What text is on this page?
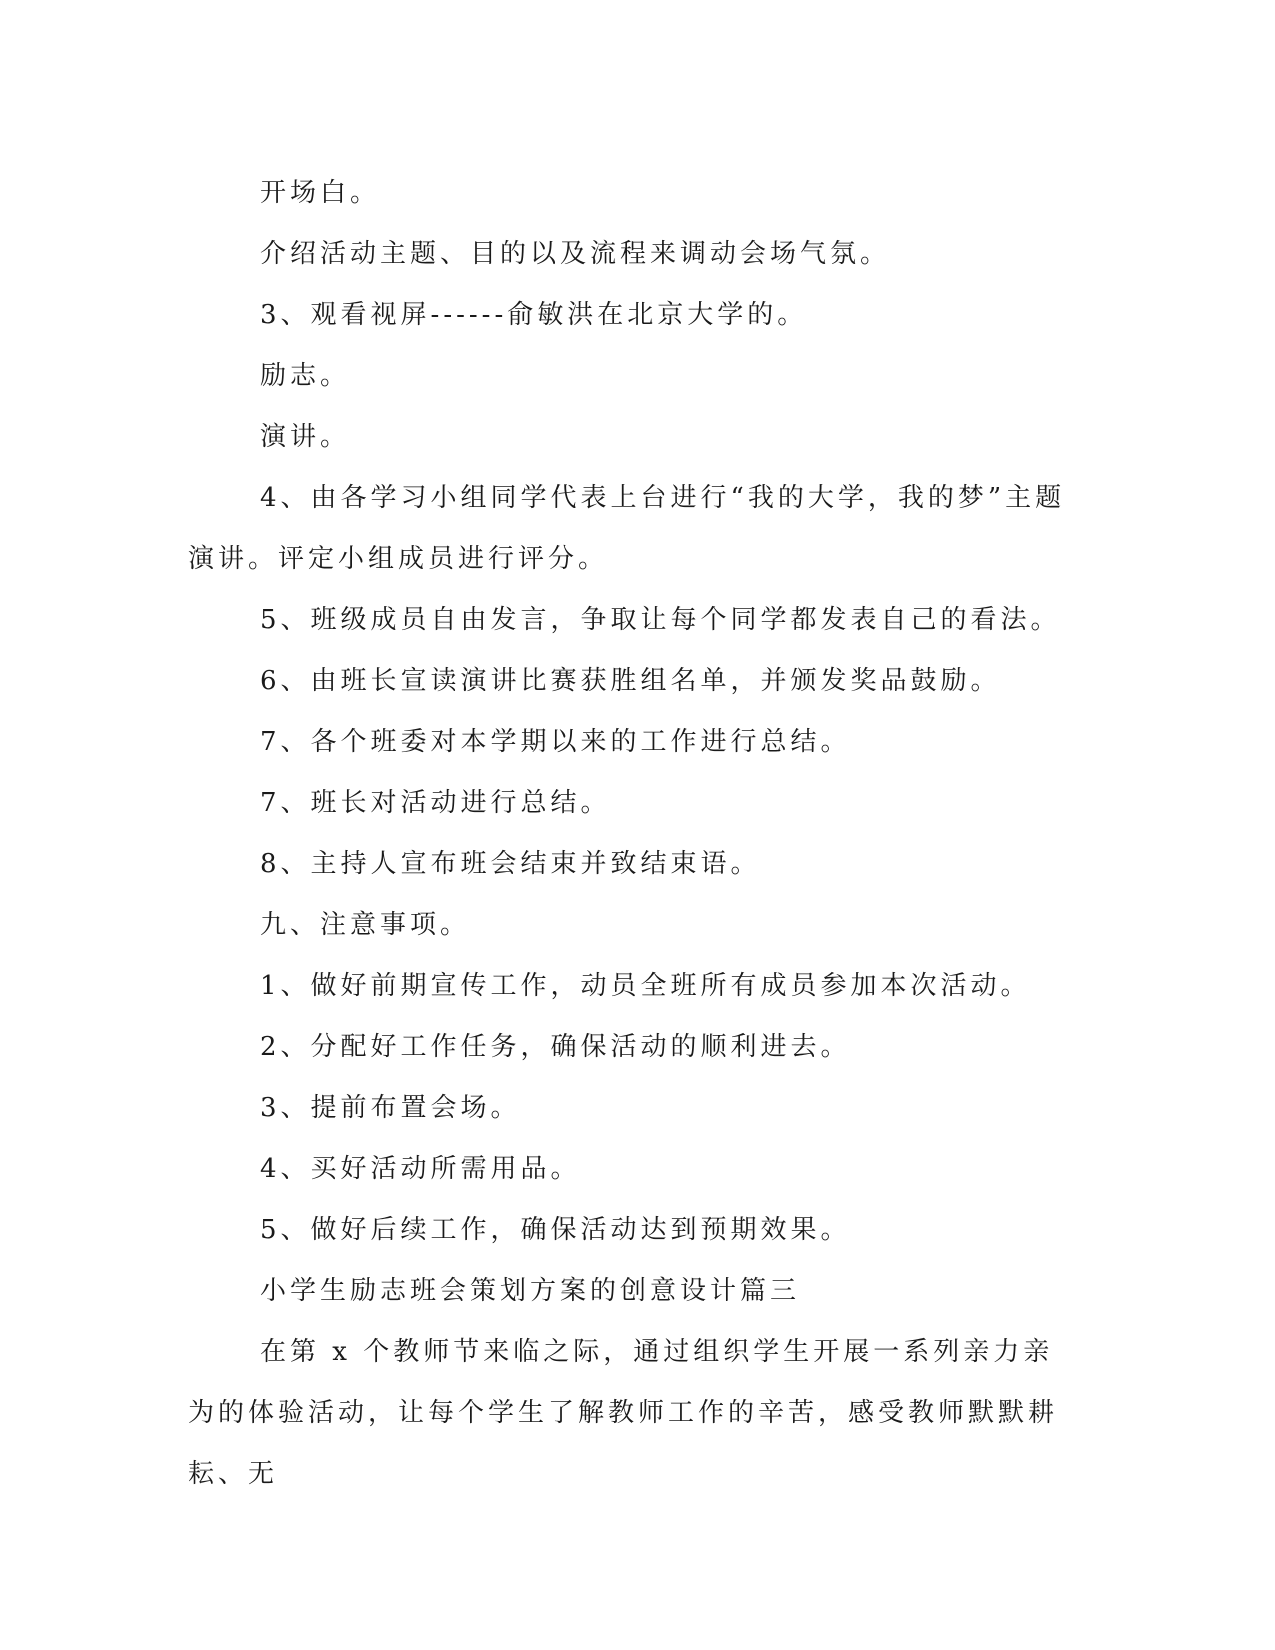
开场白。

介绍活动主题、目的以及流程来调动会场气氛。

3、观看视屏------俞敏洪在北京大学的。

励志。

演讲。

4、由各学习小组同学代表上台进行“我的大学，我的梦”主题演讲。评定小组成员进行评分。

5、班级成员自由发言，争取让每个同学都发表自己的看法。

6、由班长宣读演讲比赛获胜组名单，并颁发奖品鼓励。

7、各个班委对本学期以来的工作进行总结。

7、班长对活动进行总结。

8、主持人宣布班会结束并致结束语。

九、注意事项。

1、做好前期宣传工作，动员全班所有成员参加本次活动。

2、分配好工作任务，确保活动的顺利进去。

3、提前布置会场。

4、买好活动所需用品。

5、做好后续工作，确保活动达到预期效果。

小学生励志班会策划方案的创意设计篇三

在第 x 个教师节来临之际，通过组织学生开展一系列亲力亲为的体验活动，让每个学生了解教师工作的辛苦，感受教师默默耕耘、无
